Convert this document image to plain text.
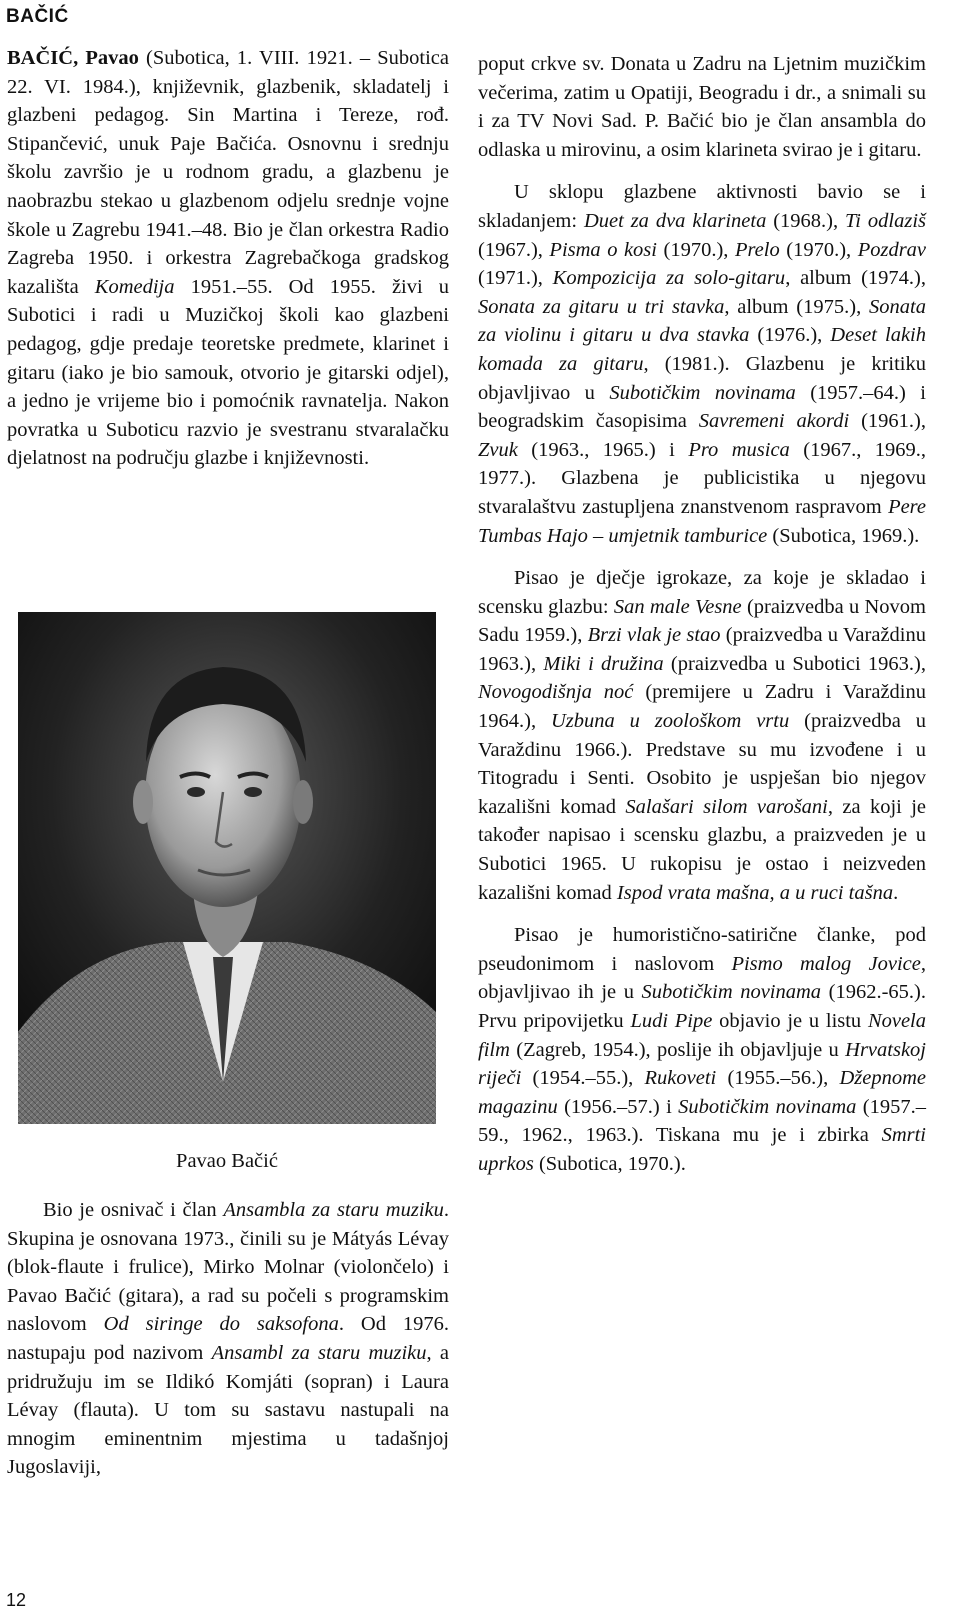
BAČIĆ

BAČIĆ, Pavao (Subotica, 1. VIII. 1921. – Subotica 22. VI. 1984.), književnik, glazbenik, skladatelj i glazbeni pedagog. Sin Martina i Tereze, rođ. Stipančević, unuk Paje Bačića. Osnovnu i srednju školu završio je u rodnom gradu, a glazbenu je naobrazbu stekao u glazbenom odjelu srednje vojne škole u Zagrebu 1941.–48. Bio je član orkestra Radio Zagreba 1950. i orkestra Zagrebačkoga gradskog kazališta Komedija 1951.–55. Od 1955. živi u Subotici i radi u Muzičkoj školi kao glazbeni pedagog, gdje predaje teoretske predmete, klarinet i gitaru (iako je bio samouk, otvorio je gitarski odjel), a jedno je vrijeme bio i pomoćnik ravnatelja. Nakon povratka u Suboticu razvio je svestranu stvaralačku djelatnost na području glazbe i književnosti.

Pavao Bačić

Bio je osnivač i član Ansambla za staru muziku. Skupina je osnovana 1973., činili su je Mátyás Lévay (blok-flaute i frulice), Mirko Molnar (violončelo) i Pavao Bačić (gitara), a rad su počeli s programskim naslovom Od siringe do saksofona. Od 1976. nastupaju pod nazivom Ansambl za staru muziku, a pridružuju im se Ildikó Komjáti (sopran) i Laura Lévay (flauta). U tom su sastavu nastupali na mnogim eminentnim mjestima u tadašnjoj Jugoslaviji,

poput crkve sv. Donata u Zadru na Ljetnim muzičkim večerima, zatim u Opatiji, Beogradu i dr., a snimali su i za TV Novi Sad. P. Bačić bio je član ansambla do odlaska u mirovinu, a osim klarineta svirao je i gitaru.

U sklopu glazbene aktivnosti bavio se i skladanjem: Duet za dva klarineta (1968.), Ti odlaziš (1967.), Pisma o kosi (1970.), Prelo (1970.), Pozdrav (1971.), Kompozicija za solo-gitaru, album (1974.), Sonata za gitaru u tri stavka, album (1975.), Sonata za violinu i gitaru u dva stavka (1976.), Deset lakih komada za gitaru, (1981.). Glazbenu je kritiku objavljivao u Subotičkim novinama (1957.–64.) i beogradskim časopisima Savremeni akordi (1961.), Zvuk (1963., 1965.) i Pro musica (1967., 1969., 1977.). Glazbena je publicistika u njegovu stvaralaštvu zastupljena znanstvenom raspravom Pere Tumbas Hajo – umjetnik tamburice (Subotica, 1969.).

Pisao je dječje igrokaze, za koje je skladao i scensku glazbu: San male Vesne (praizvedba u Novom Sadu 1959.), Brzi vlak je stao (praizvedba u Varaždinu 1963.), Miki i družina (praizvedba u Subotici 1963.), Novogodišnja noć (premijere u Zadru i Varaždinu 1964.), Uzbuna u zoološkom vrtu (praizvedba u Varaždinu 1966.). Predstave su mu izvođene i u Titogradu i Senti. Osobito je uspješan bio njegov kazališni komad Salašari silom varošani, za koji je također napisao i scensku glazbu, a praizveden je u Subotici 1965. U rukopisu je ostao i neizveden kazališni komad Ispod vrata mašna, a u ruci tašna.

Pisao je humoristično-satirične članke, pod pseudonimom i naslovom Pismo malog Jovice, objavljivao ih je u Subotičkim novinama (1962.-65.). Prvu pripovijetku Ludi Pipe objavio je u listu Novela film (Zagreb, 1954.), poslije ih objavljuje u Hrvatskoj riječi (1954.–55.), Rukoveti (1955.–56.), Džepnome magazinu (1956.–57.) i Subotičkim novinama (1957.–59., 1962., 1963.). Tiskana mu je i zbirka Smrti uprkos (Subotica, 1970.).

12
